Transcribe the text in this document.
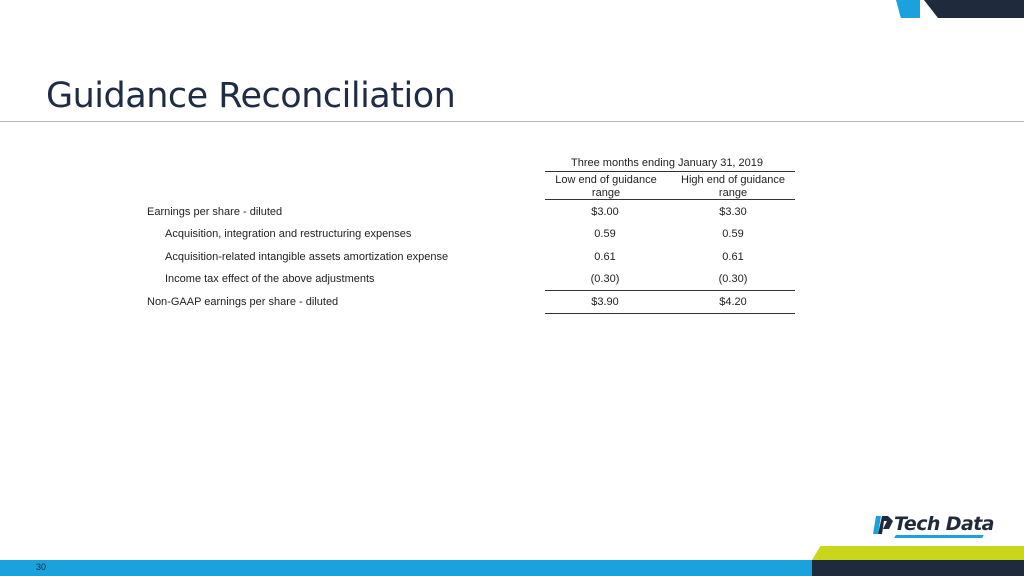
Guidance Reconciliation
Three months ending January 31, 2019
Low end of guidance range
High end of guidance range
Earnings per share - diluted	$3.00	$3.30
Acquisition, integration and restructuring expenses	0.59	0.59
Acquisition-related intangible assets amortization expense	0.61	0.61
Income tax effect of the above adjustments	(0.30)	(0.30)
Non-GAAP earnings per share - diluted	$3.90	$4.20
Tech Data
30
